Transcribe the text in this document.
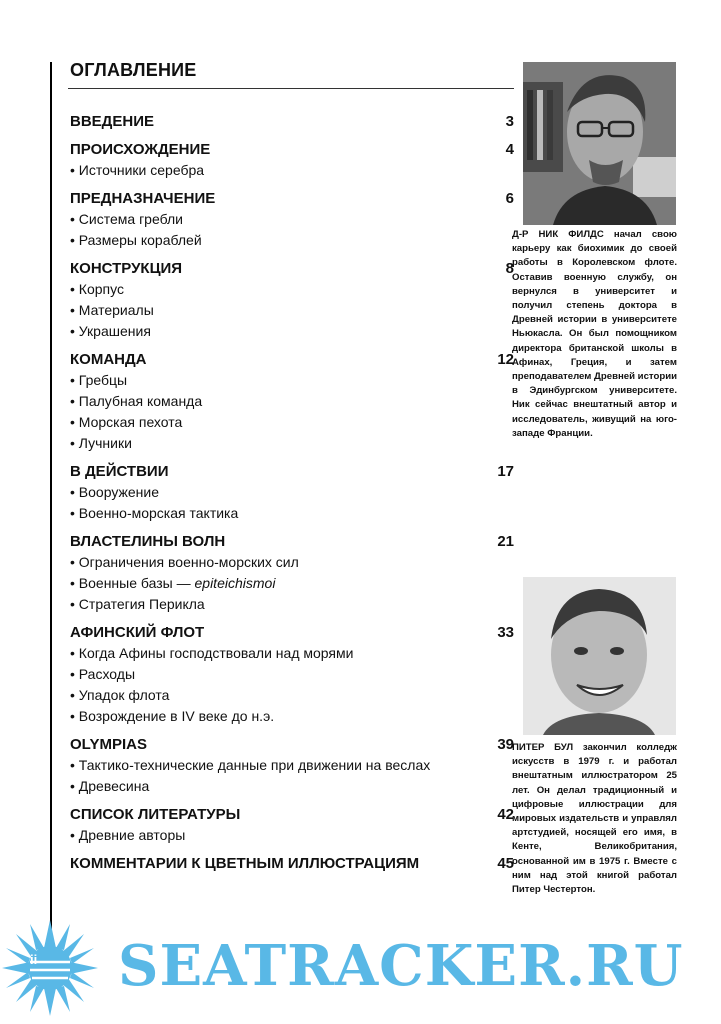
ОГЛАВЛЕНИЕ
ВВЕДЕНИЕ	3
ПРОИСХОЖДЕНИЕ	4
• Источники серебра
ПРЕДНАЗНАЧЕНИЕ	6
• Система гребли
• Размеры кораблей
КОНСТРУКЦИЯ	8
• Корпус
• Материалы
• Украшения
КОМАНДА	12
• Гребцы
• Палубная команда
• Морская пехота
• Лучники
В ДЕЙСТВИИ	17
• Вооружение
• Военно-морская тактика
ВЛАСТЕЛИНЫ ВОЛН	21
• Ограничения военно-морских сил
• Военные базы — epiteichismoi
• Стратегия Перикла
АФИНСКИЙ ФЛОТ	33
• Когда Афины господствовали над морями
• Расходы
• Упадок флота
• Возрождение в IV веке до н.э.
OLYMPIAS	39
• Тактико-технические данные при движении на веслах
• Древесина
СПИСОК ЛИТЕРАТУРЫ	42
• Древние авторы
КОММЕНТАРИИ К ЦВЕТНЫМ ИЛЛЮСТРАЦИЯМ	45
Д-Р НИК ФИЛДС начал свою карьеру как биохимик до своей работы в Королевском флоте. Оставив военную службу, он вернулся в университет и получил степень доктора в Древней истории в университете Ньюкасла. Он был помощником директора британской школы в Афинах, Греция, и затем преподавателем Древней истории в Эдинбургском университете. Ник сейчас внештатный автор и исследователь, живущий на юго-западе Франции.
ПИТЕР БУЛ закончил колледж искусств в 1979 г. и работал внештатным иллюстратором 25 лет. Он делал традиционный и цифровые иллюстрации для мировых издательств и управлял артстудией, носящей его имя, в Кенте, Великобритания, основанной им в 1975 г. Вместе с ним над этой книгой работал Питер Честертон.
ii SEATRACKER.RU
